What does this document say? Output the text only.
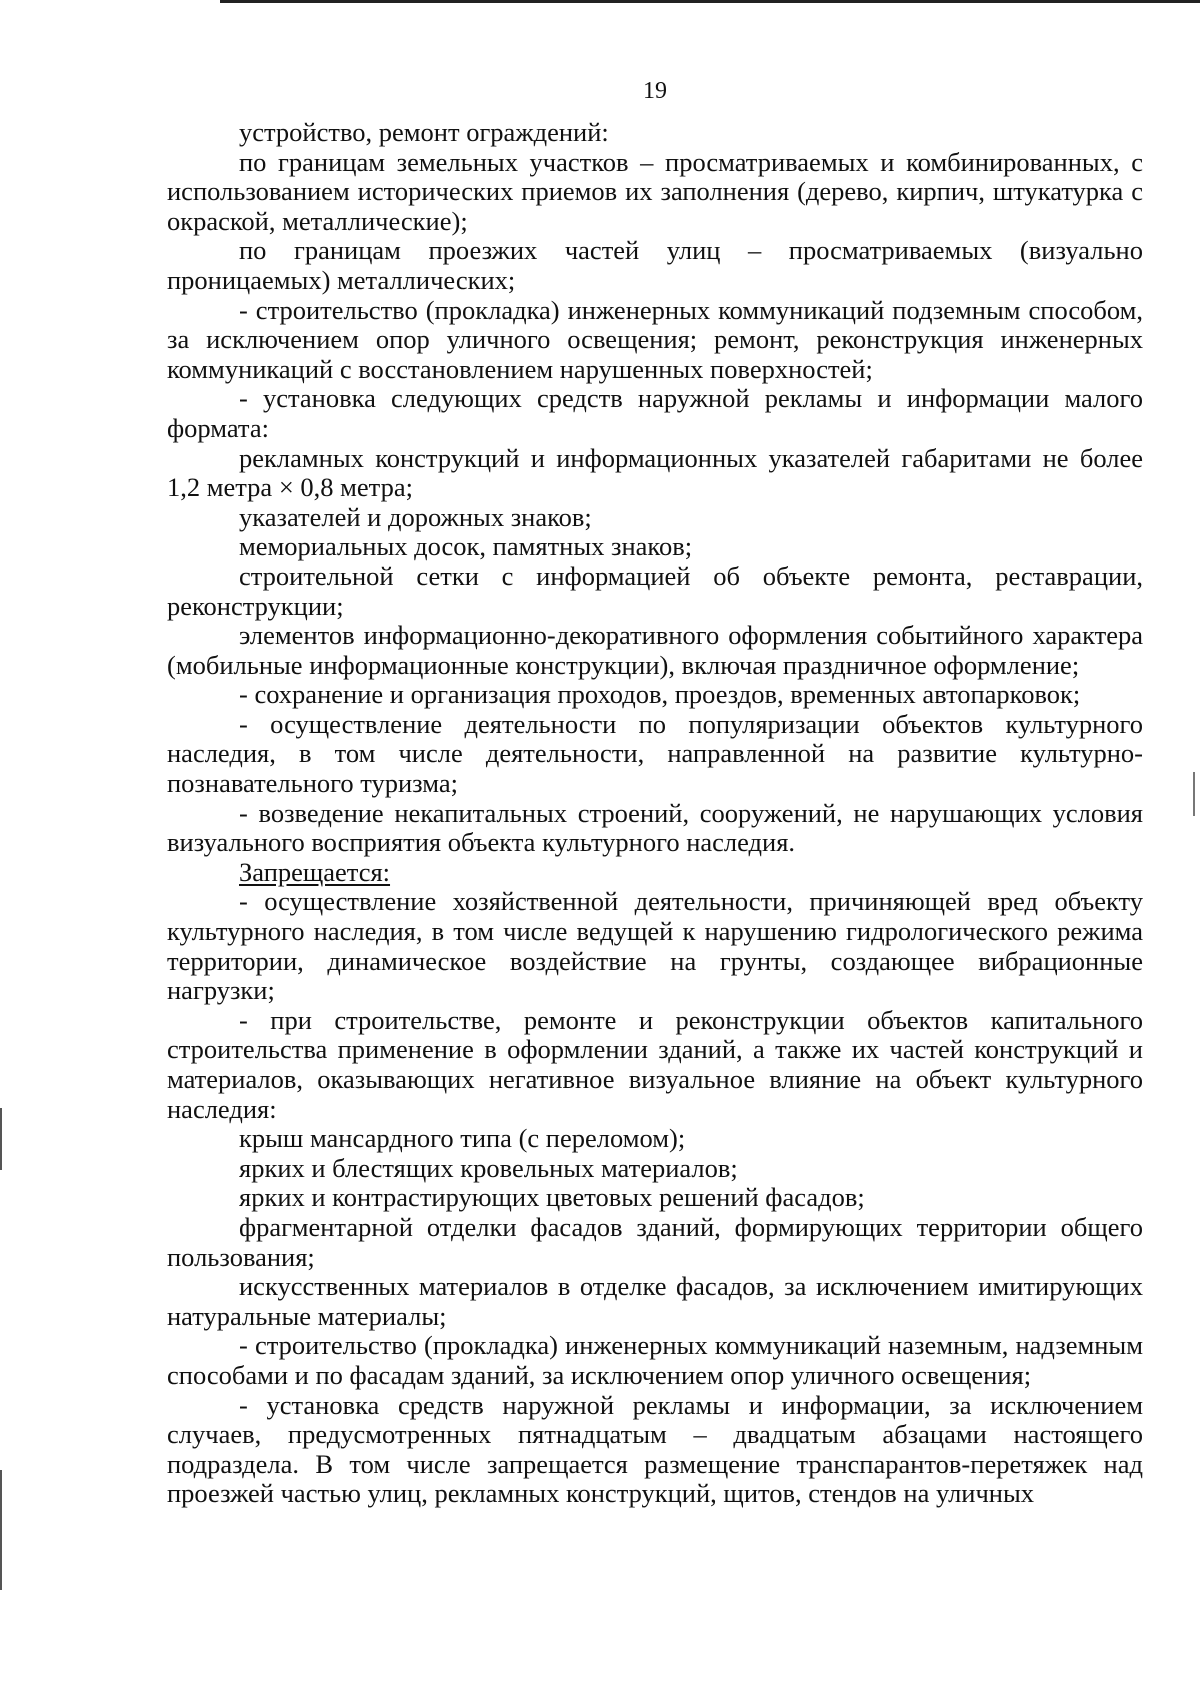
19

устройство, ремонт ограждений:

по границам земельных участков – просматриваемых и комбинированных, с использованием исторических приемов их заполнения (дерево, кирпич, штукатурка с окраской, металлические);

по границам проезжих частей улиц – просматриваемых (визуально проницаемых) металлических;

- строительство (прокладка) инженерных коммуникаций подземным способом, за исключением опор уличного освещения; ремонт, реконструкция инженерных коммуникаций с восстановлением нарушенных поверхностей;

- установка следующих средств наружной рекламы и информации малого формата:

рекламных конструкций и информационных указателей габаритами не более 1,2 метра × 0,8 метра;

указателей и дорожных знаков;

мемориальных досок, памятных знаков;

строительной сетки с информацией об объекте ремонта, реставрации, реконструкции;

элементов информационно-декоративного оформления событийного характера (мобильные информационные конструкции), включая праздничное оформление;

- сохранение и организация проходов, проездов, временных автопарковок;

- осуществление деятельности по популяризации объектов культурного наследия, в том числе деятельности, направленной на развитие культурно-познавательного туризма;

- возведение некапитальных строений, сооружений, не нарушающих условия визуального восприятия объекта культурного наследия.

Запрещается:

- осуществление хозяйственной деятельности, причиняющей вред объекту культурного наследия, в том числе ведущей к нарушению гидрологического режима территории, динамическое воздействие на грунты, создающее вибрационные нагрузки;

- при строительстве, ремонте и реконструкции объектов капитального строительства применение в оформлении зданий, а также их частей конструкций и материалов, оказывающих негативное визуальное влияние на объект культурного наследия:

крыш мансардного типа (с переломом);

ярких и блестящих кровельных материалов;

ярких и контрастирующих цветовых решений фасадов;

фрагментарной отделки фасадов зданий, формирующих территории общего пользования;

искусственных материалов в отделке фасадов, за исключением имитирующих натуральные материалы;

- строительство (прокладка) инженерных коммуникаций наземным, надземным способами и по фасадам зданий, за исключением опор уличного освещения;

- установка средств наружной рекламы и информации, за исключением случаев, предусмотренных пятнадцатым – двадцатым абзацами настоящего подраздела. В том числе запрещается размещение транспарантов-перетяжек над проезжей частью улиц, рекламных конструкций, щитов, стендов на уличных
